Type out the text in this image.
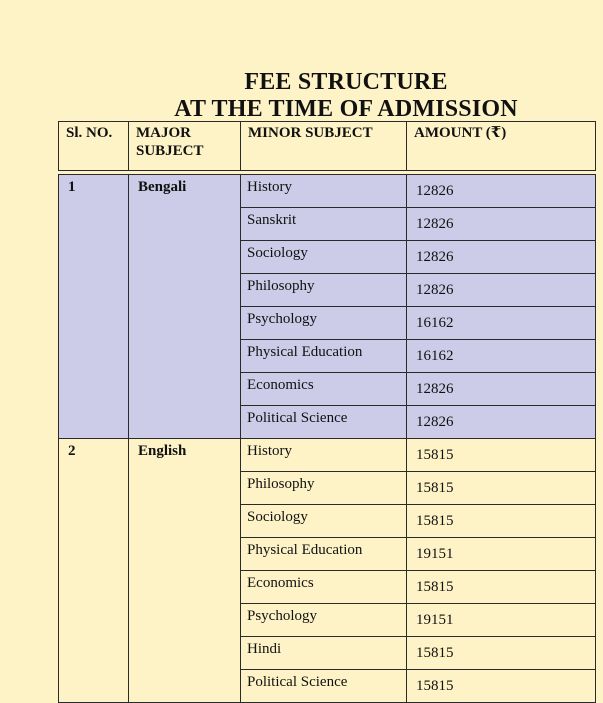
FEE STRUCTURE
AT THE TIME OF ADMISSION
Sl. NO.	MAJOR SUBJECT	MINOR SUBJECT	AMOUNT (₹)

1	Bengali	History	12826
		Sanskrit	12826
		Sociology	12826
		Philosophy	12826
		Psychology	16162
		Physical Education	16162
		Economics	12826
		Political Science	12826
2	English	History	15815
		Philosophy	15815
		Sociology	15815
		Physical Education	19151
		Economics	15815
		Psychology	19151
		Hindi	15815
		Political Science	15815
